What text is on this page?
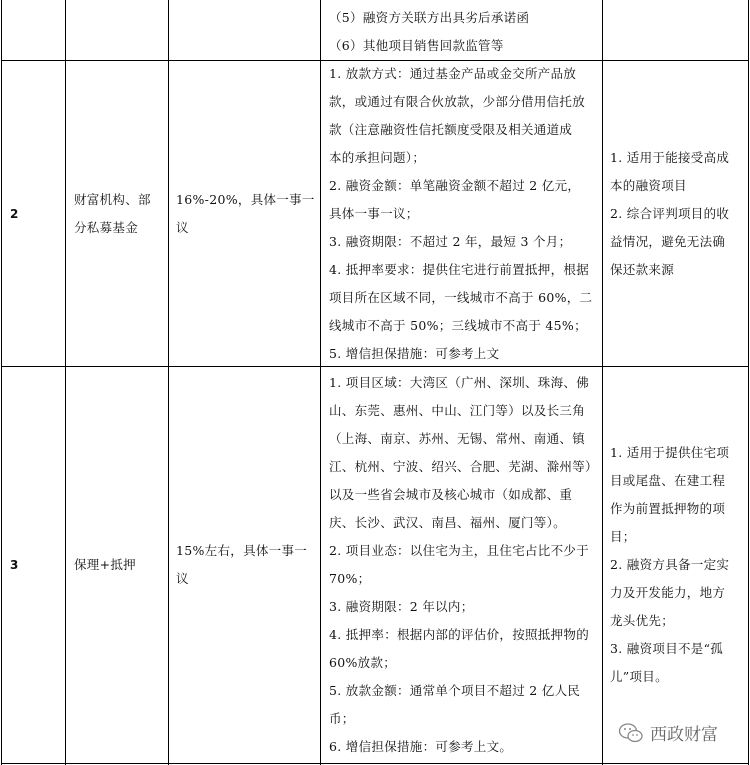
（5）融资方关联方出具劣后承诺函
（6）其他项目销售回款监管等
2
财富机构、部
分私募基金
16%-20%，具体一事一
议
1. 放款方式：通过基金产品或金交所产品放
款，或通过有限合伙放款，少部分借用信托放
款（注意融资性信托额度受限及相关通道成
本的承担问题）；
2. 融资金额：单笔融资金额不超过 2 亿元，
具体一事一议；
3. 融资期限：不超过 2 年，最短 3 个月；
4. 抵押率要求：提供住宅进行前置抵押，根据
项目所在区域不同，一线城市不高于 60%，二
线城市不高于 50%；三线城市不高于 45%；
5. 增信担保措施：可参考上文
1. 适用于能接受高成
本的融资项目
2. 综合评判项目的收
益情况，避免无法确
保还款来源
3	保理+抵押
15%左右，具体一事一
议
1. 项目区域：大湾区（广州、深圳、珠海、佛
山、东莞、惠州、中山、江门等）以及长三角
（上海、南京、苏州、无锡、常州、南通、镇
江、杭州、宁波、绍兴、合肥、芜湖、滁州等）
以及一些省会城市及核心城市（如成都、重
庆、长沙、武汉、南昌、福州、厦门等）。
2. 项目业态：以住宅为主，且住宅占比不少于
70%；
3. 融资期限：2 年以内；
4. 抵押率：根据内部的评估价，按照抵押物的
60%放款；
5. 放款金额：通常单个项目不超过 2 亿人民
币；
6. 增信担保措施：可参考上文。
1. 适用于提供住宅项
目或尾盘、在建工程
作为前置抵押物的项
目；
2. 融资方具备一定实
力及开发能力，地方
龙头优先；
3. 融资项目不是“孤
儿”项目。
西政财富
